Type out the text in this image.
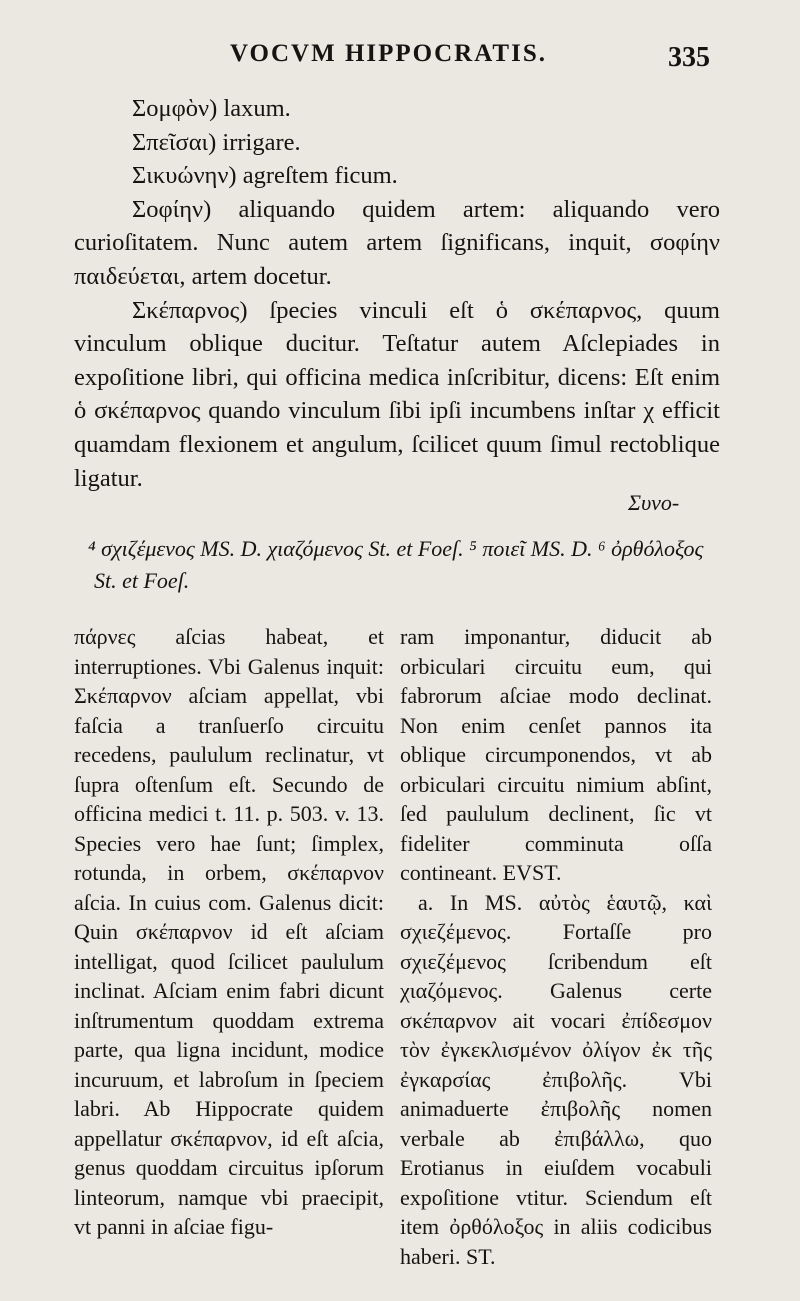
VOCVM HIPPOCRATIS.	335

Σομφὸν) laxum.

Σπεῖσαι) irrigare.

Σικυώνην) agreſtem ficum.

Σοφίην) aliquando quidem artem: aliquando vero curioſitatem. Nunc autem artem ſignificans, inquit, σοφίην παιδεύεται, artem docetur.

Σκέπαρνος) ſpecies vinculi eſt ὁ σκέπαρνος, quum vinculum oblique ducitur. Teſtatur autem Aſclepiades in expoſitione libri, qui officina medica inſcribitur, dicens: Eſt enim ὁ σκέπαρνος quando vinculum ſibi ipſi incumbens inſtar χ efficit quamdam flexionem et angulum, ſcilicet quum ſimul rectoblique ligatur.

Συνο-

⁴ σχιζέμενος MS. D. χιαζόμενος St. et Foeſ. ⁵ ποιεῖ MS. D. ⁶ ὀρθόλοξος St. et Foeſ.

πάρνες aſcias habeat, et interruptiones. Vbi Galenus inquit: Σκέπαρνον aſciam appellat, vbi faſcia a tranſuerſo circuitu recedens, paululum reclinatur, vt ſupra oſtenſum eſt. Secundo de officina medici t. 11. p. 503. v. 13. Species vero hae ſunt; ſimplex, rotunda, in orbem, σκέπαρνον aſcia. In cuius com. Galenus dicit: Quin σκέπαρνον id eſt aſciam intelligat, quod ſcilicet paululum inclinat. Aſciam enim fabri dicunt inſtrumentum quoddam extrema parte, qua ligna incidunt, modice incuruum, et labroſum in ſpeciem labri. Ab Hippocrate quidem appellatur σκέπαρνον, id eſt aſcia, genus quoddam circuitus ipſorum linteorum, namque vbi praecipit, vt panni in aſciae figu-

ram imponantur, diducit ab orbiculari circuitu eum, qui fabrorum aſciae modo declinat. Non enim cenſet pannos ita oblique circumponendos, vt ab orbiculari circuitu nimium abſint, ſed paululum declinent, ſic vt fideliter comminuta oſſa contineant. EVST.

a. In MS. αὐτὸς ἑαυτῷ, καὶ σχιεζέμενος. Fortaſſe pro σχιεζέμενος ſcribendum eſt χιαζόμενος. Galenus certe σκέπαρνον ait vocari ἐπίδεσμον τὸν ἐγκεκλισμένον ὀλίγον ἐκ τῆς ἐγκαρσίας ἐπιβολῆς. Vbi animaduerte ἐπιβολῆς nomen verbale ab ἐπιβάλλω, quo Erotianus in eiuſdem vocabuli expoſitione vtitur. Sciendum eſt item ὀρθόλοξος in aliis codicibus haberi. ST.
